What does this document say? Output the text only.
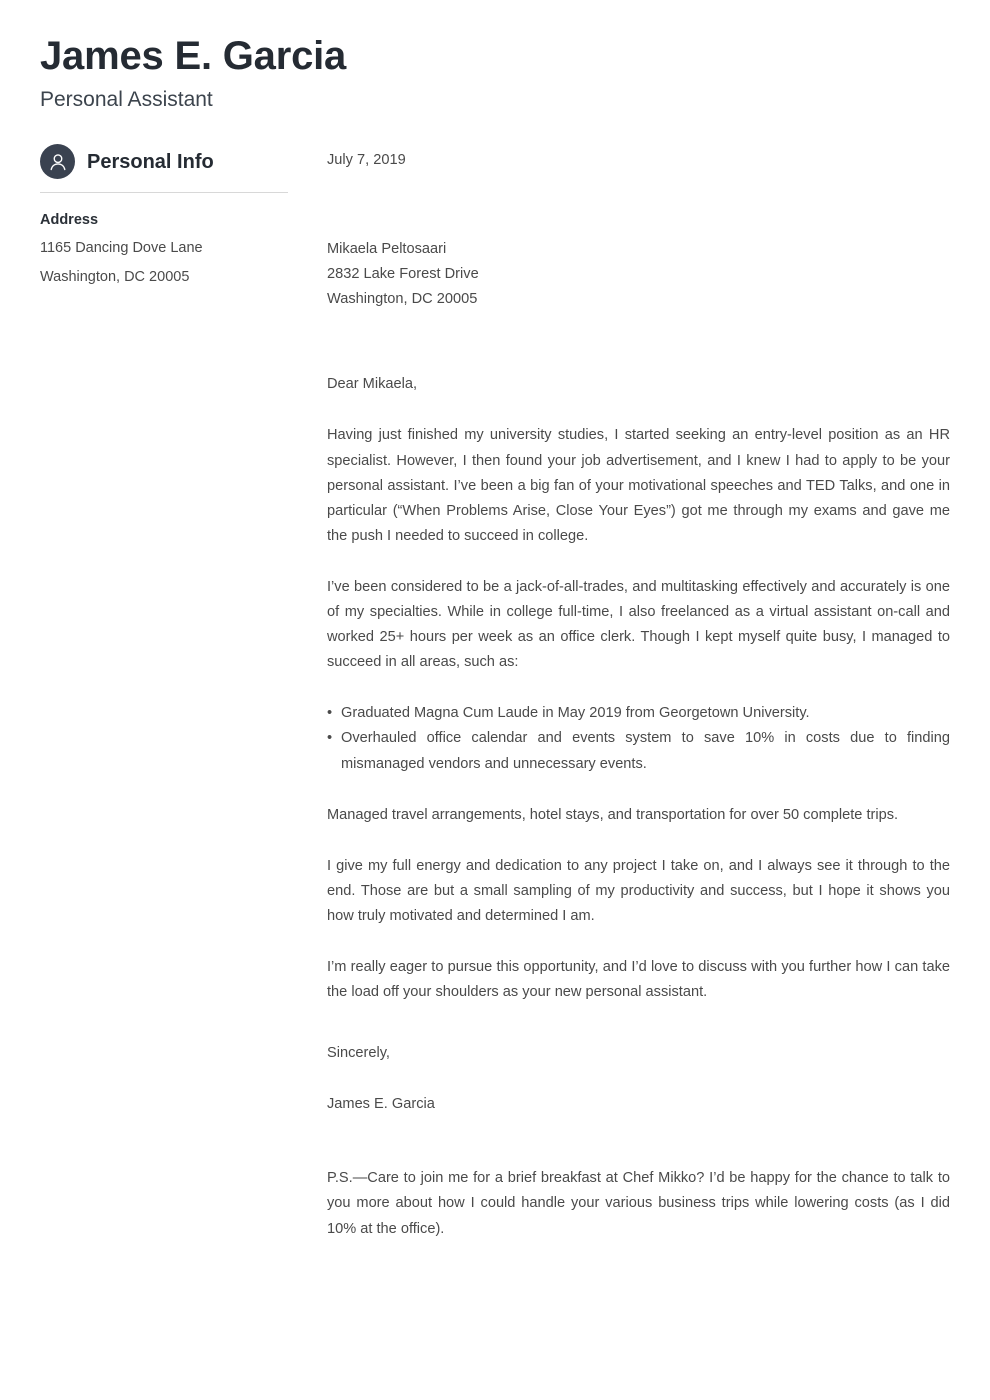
James E. Garcia

Personal Assistant

Personal Info
Address
1165 Dancing Dove Lane
Washington, DC 20005

July 7, 2019

Mikaela Peltosaari
2832 Lake Forest Drive
Washington, DC 20005

Dear Mikaela,

Having just finished my university studies, I started seeking an entry-level position as an HR specialist. However, I then found your job advertisement, and I knew I had to apply to be your personal assistant. I’ve been a big fan of your motivational speeches and TED Talks, and one in particular (“When Problems Arise, Close Your Eyes”) got me through my exams and gave me the push I needed to succeed in college.

I’ve been considered to be a jack-of-all-trades, and multitasking effectively and accurately is one of my specialties. While in college full-time, I also freelanced as a virtual assistant on-call and worked 25+ hours per week as an office clerk. Though I kept myself quite busy, I managed to succeed in all areas, such as:

• Graduated Magna Cum Laude in May 2019 from Georgetown University.
• Overhauled office calendar and events system to save 10% in costs due to finding mismanaged vendors and unnecessary events.

Managed travel arrangements, hotel stays, and transportation for over 50 complete trips.

I give my full energy and dedication to any project I take on, and I always see it through to the end. Those are but a small sampling of my productivity and success, but I hope it shows you how truly motivated and determined I am.

I’m really eager to pursue this opportunity, and I’d love to discuss with you further how I can take the load off your shoulders as your new personal assistant.

Sincerely,

James E. Garcia

P.S.—Care to join me for a brief breakfast at Chef Mikko? I’d be happy for the chance to talk to you more about how I could handle your various business trips while lowering costs (as I did 10% at the office).
